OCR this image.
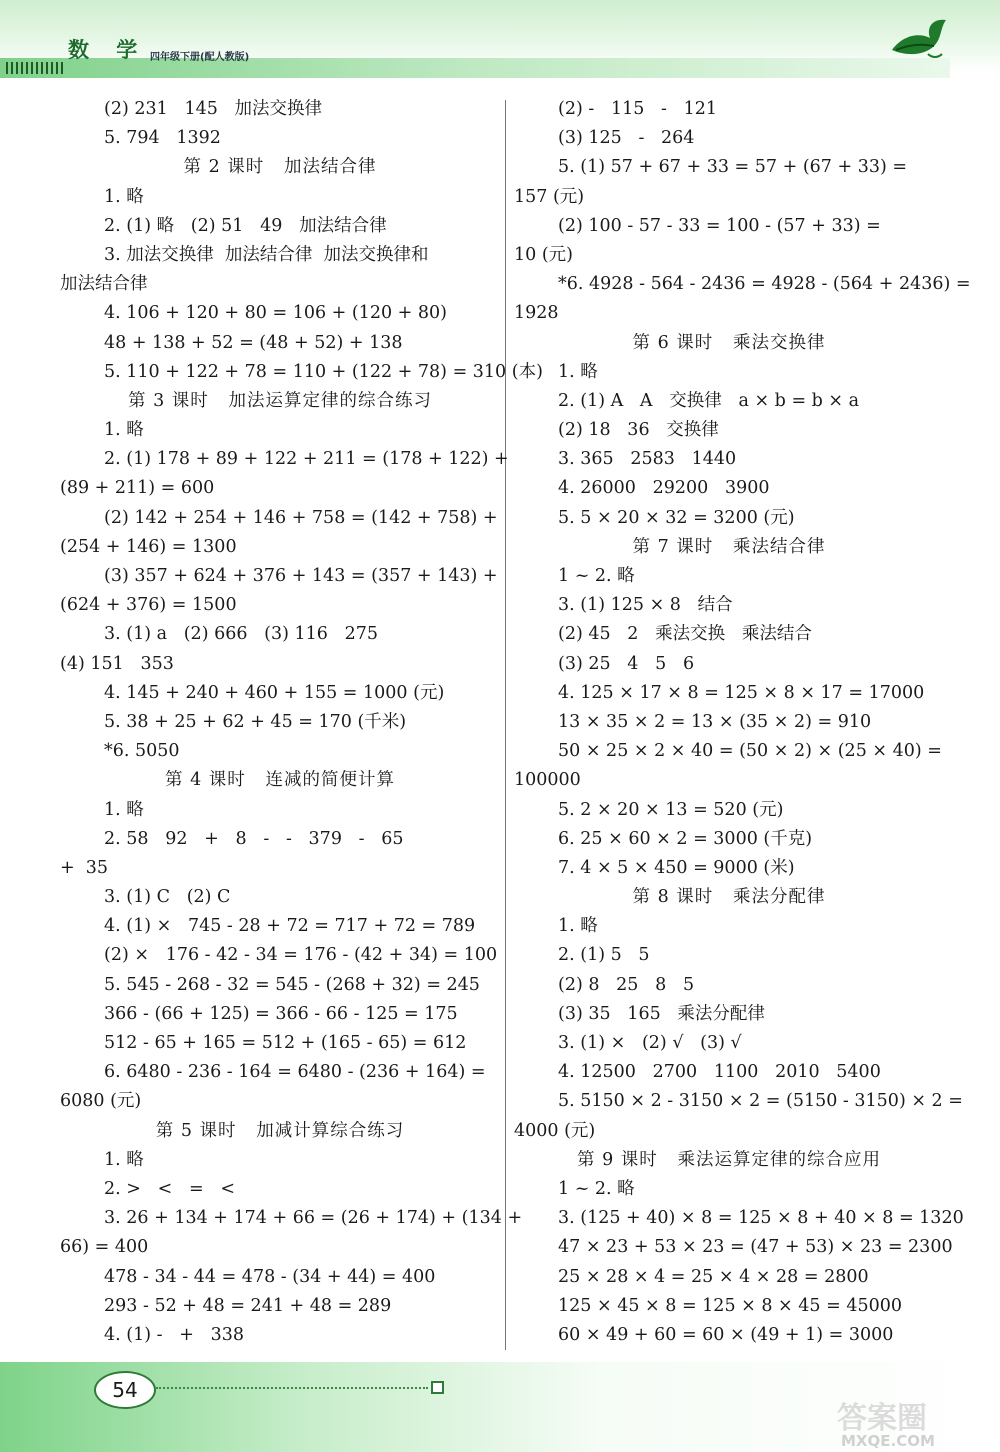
数 学 四年级下册(配人教版)
(2) 231   145   加法交换律
5. 794   1392
第 2 课时   加法结合律
1. 略
2. (1) 略   (2) 51   49   加法结合律
3. 加法交换律  加法结合律  加法交换律和
加法结合律
4. 106 + 120 + 80 = 106 + (120 + 80)
48 + 138 + 52 = (48 + 52) + 138
5. 110 + 122 + 78 = 110 + (122 + 78) = 310 (本)
第 3 课时   加法运算定律的综合练习
1. 略
2. (1) 178 + 89 + 122 + 211 = (178 + 122) +
(89 + 211) = 600
(2) 142 + 254 + 146 + 758 = (142 + 758) +
(254 + 146) = 1300
(3) 357 + 624 + 376 + 143 = (357 + 143) +
(624 + 376) = 1500
3. (1) a   (2) 666   (3) 116   275
(4) 151   353
4. 145 + 240 + 460 + 155 = 1000 (元)
5. 38 + 25 + 62 + 45 = 170 (千米)
*6. 5050
第 4 课时   连减的简便计算
1. 略
2. 58   92   +   8   -   -   379   -   65
+  35
3. (1) C   (2) C
4. (1) ×   745 - 28 + 72 = 717 + 72 = 789
(2) ×   176 - 42 - 34 = 176 - (42 + 34) = 100
5. 545 - 268 - 32 = 545 - (268 + 32) = 245
366 - (66 + 125) = 366 - 66 - 125 = 175
512 - 65 + 165 = 512 + (165 - 65) = 612
6. 6480 - 236 - 164 = 6480 - (236 + 164) =
6080 (元)
第 5 课时   加减计算综合练习
1. 略
2. >   <   =   <
3. 26 + 134 + 174 + 66 = (26 + 174) + (134 +
66) = 400
478 - 34 - 44 = 478 - (34 + 44) = 400
293 - 52 + 48 = 241 + 48 = 289
4. (1) -   +   338
(2) -   115   -   121
(3) 125   -   264
5. (1) 57 + 67 + 33 = 57 + (67 + 33) =
157 (元)
(2) 100 - 57 - 33 = 100 - (57 + 33) =
10 (元)
*6. 4928 - 564 - 2436 = 4928 - (564 + 2436) =
1928
第 6 课时   乘法交换律
1. 略
2. (1) A   A   交换律   a × b = b × a
(2) 18   36   交换律
3. 365   2583   1440
4. 26000   29200   3900
5. 5 × 20 × 32 = 3200 (元)
第 7 课时   乘法结合律
1 ~ 2. 略
3. (1) 125 × 8   结合
(2) 45   2   乘法交换   乘法结合
(3) 25   4   5   6
4. 125 × 17 × 8 = 125 × 8 × 17 = 17000
13 × 35 × 2 = 13 × (35 × 2) = 910
50 × 25 × 2 × 40 = (50 × 2) × (25 × 40) =
100000
5. 2 × 20 × 13 = 520 (元)
6. 25 × 60 × 2 = 3000 (千克)
7. 4 × 5 × 450 = 9000 (米)
第 8 课时   乘法分配律
1. 略
2. (1) 5   5
(2) 8   25   8   5
(3) 35   165   乘法分配律
3. (1) ×   (2) √   (3) √
4. 12500   2700   1100   2010   5400
5. 5150 × 2 - 3150 × 2 = (5150 - 3150) × 2 =
4000 (元)
第 9 课时   乘法运算定律的综合应用
1 ~ 2. 略
3. (125 + 40) × 8 = 125 × 8 + 40 × 8 = 1320
47 × 23 + 53 × 23 = (47 + 53) × 23 = 2300
25 × 28 × 4 = 25 × 4 × 28 = 2800
125 × 45 × 8 = 125 × 8 × 45 = 45000
60 × 49 + 60 = 60 × (49 + 1) = 3000
54
答案圈
MXQE.COM
